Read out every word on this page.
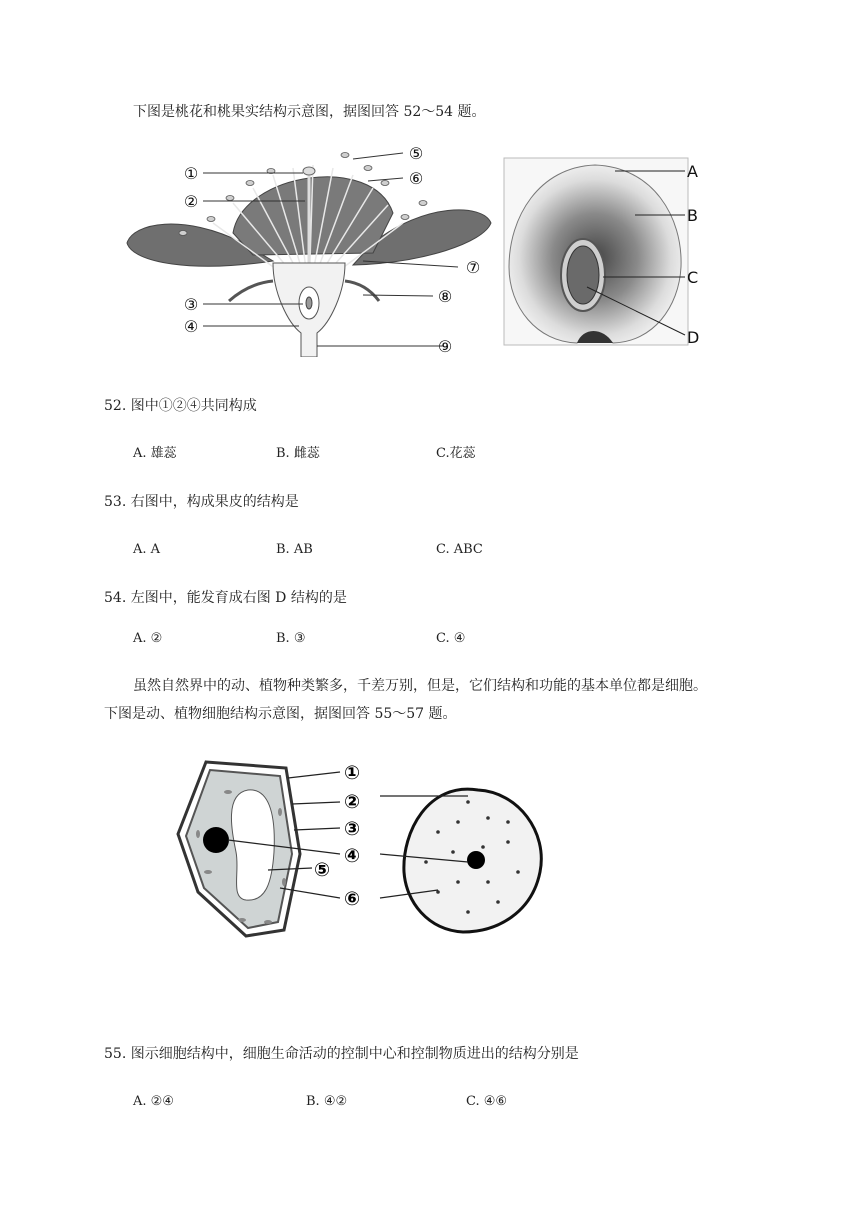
下图是桃花和桃果实结构示意图，据图回答 52～54 题。
①
②
③
④
⑤
⑥
⑦
⑧
⑨
A
B
C
D
52. 图中①②④共同构成
A. 雄蕊	B. 雌蕊	C.花蕊
53. 右图中，构成果皮的结构是
A. A	B. AB	C. ABC
54. 左图中，能发育成右图 D 结构的是
A. ②	B. ③	C. ④
虽然自然界中的动、植物种类繁多，千差万别，但是，它们结构和功能的基本单位都是细胞。
下图是动、植物细胞结构示意图，据图回答 55～57 题。
①
②
③
④
⑤
⑥
55. 图示细胞结构中，细胞生命活动的控制中心和控制物质进出的结构分别是
A. ②④	B. ④②	C. ④⑥
